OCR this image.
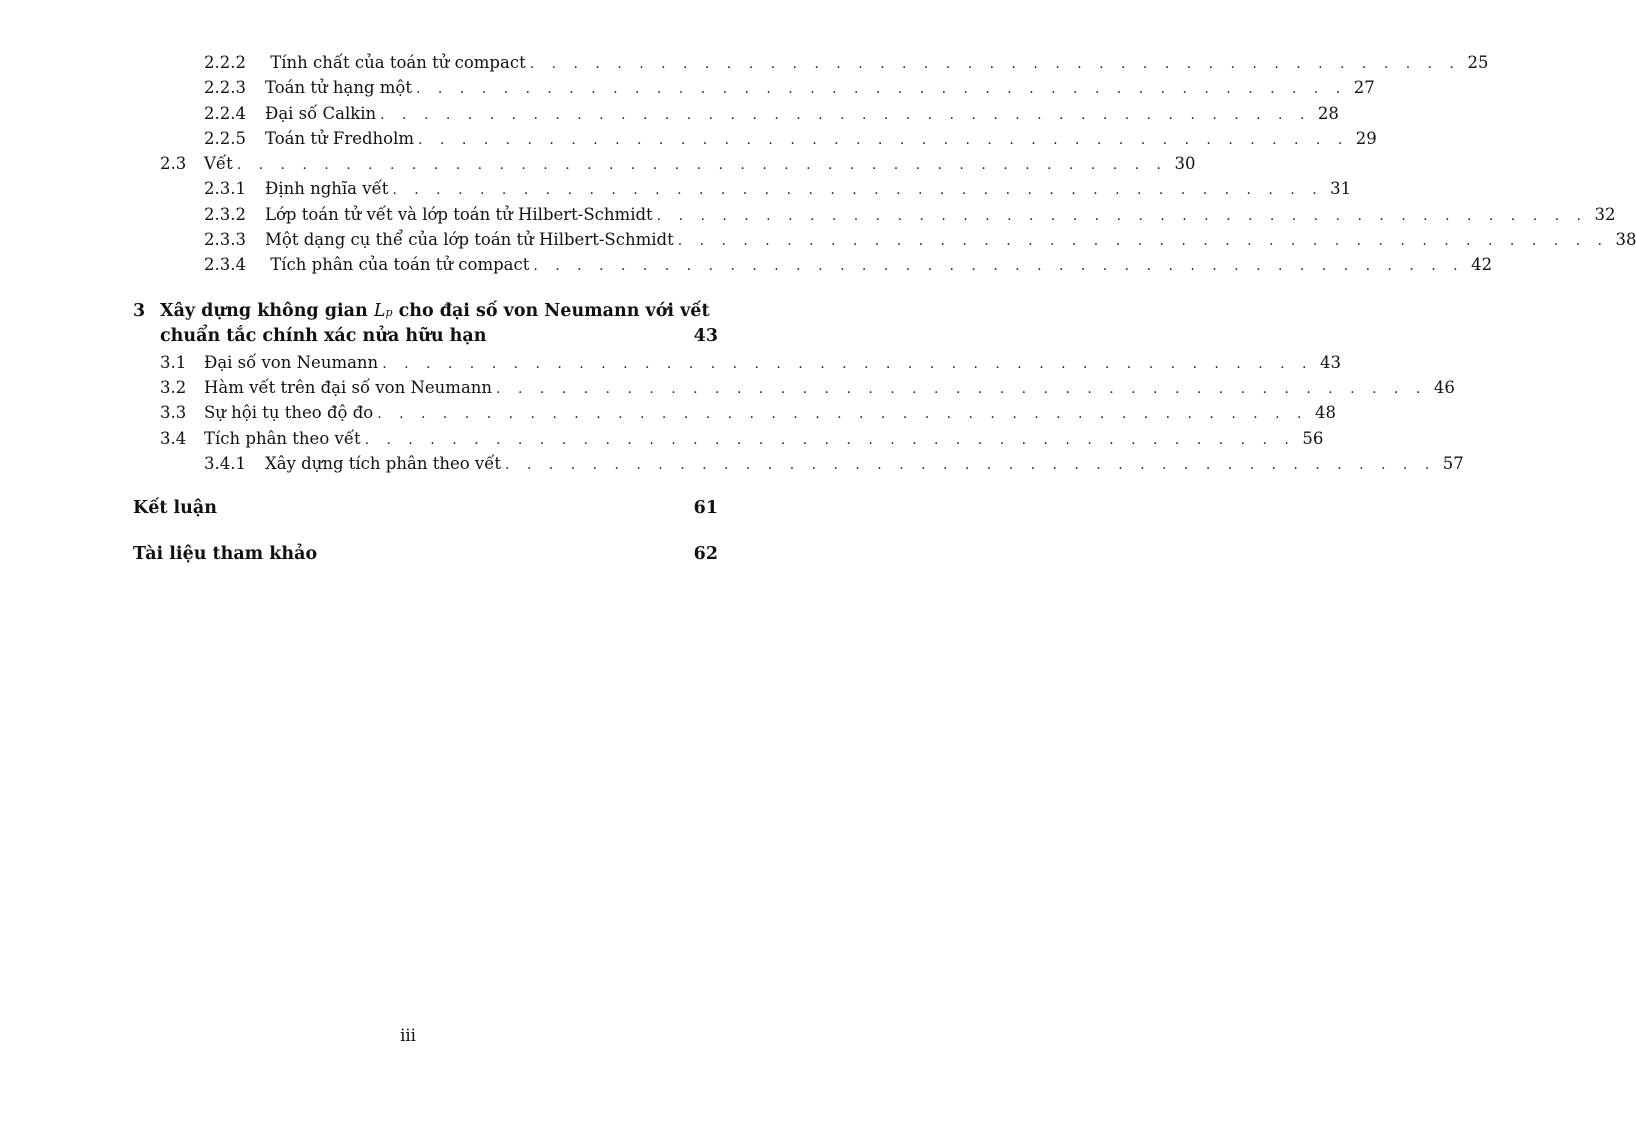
2.2.2	Tính chất của toán tử compact . . . . . . . . . . . . . . . . . . . . . . . . . . . . . . . . . . . . . . . . . . . 25
2.2.3	Toán tử hạng một . . . . . . . . . . . . . . . . . . . . . . . . . . . . . . . . . . . . . . . . . . . 27
2.2.4	Đại số Calkin . . . . . . . . . . . . . . . . . . . . . . . . . . . . . . . . . . . . . . . . . . . 28
2.2.5	Toán tử Fredholm . . . . . . . . . . . . . . . . . . . . . . . . . . . . . . . . . . . . . . . . . . . 29
2.3	Vết . . . . . . . . . . . . . . . . . . . . . . . . . . . . . . . . . . . . . . . . . . . 30
2.3.1	Định nghĩa vết . . . . . . . . . . . . . . . . . . . . . . . . . . . . . . . . . . . . . . . . . . . 31
2.3.2	Lớp toán tử vết và lớp toán tử Hilbert-Schmidt . . . . . . . . . . . . . . . . . . . . . . . . . . . . . . . . . . . . . . . . . . . 32
2.3.3	Một dạng cụ thể của lớp toán tử Hilbert-Schmidt . . . . . . . . . . . . . . . . . . . . . . . . . . . . . . . . . . . . . . . . . . . 38
2.3.4	Tích phân của toán tử compact . . . . . . . . . . . . . . . . . . . . . . . . . . . . . . . . . . . . . . . . . . . 42
3 Xây dựng không gian L p cho đại số von Neumann với vết
chuẩn tắc chính xác nửa hữu hạn	43
3.1	Đại số von Neumann . . . . . . . . . . . . . . . . . . . . . . . . . . . . . . . . . . . . . . . . . . . 43
3.2	Hàm vết trên đại số von Neumann . . . . . . . . . . . . . . . . . . . . . . . . . . . . . . . . . . . . . . . . . . . 46
3.3	Sự hội tụ theo độ đo . . . . . . . . . . . . . . . . . . . . . . . . . . . . . . . . . . . . . . . . . . . 48
3.4	Tích phân theo vết . . . . . . . . . . . . . . . . . . . . . . . . . . . . . . . . . . . . . . . . . . . 56
3.4.1	Xây dựng tích phân theo vết . . . . . . . . . . . . . . . . . . . . . . . . . . . . . . . . . . . . . . . . . . . 57
Kết luận	61
Tài liệu tham khảo	62
iii
